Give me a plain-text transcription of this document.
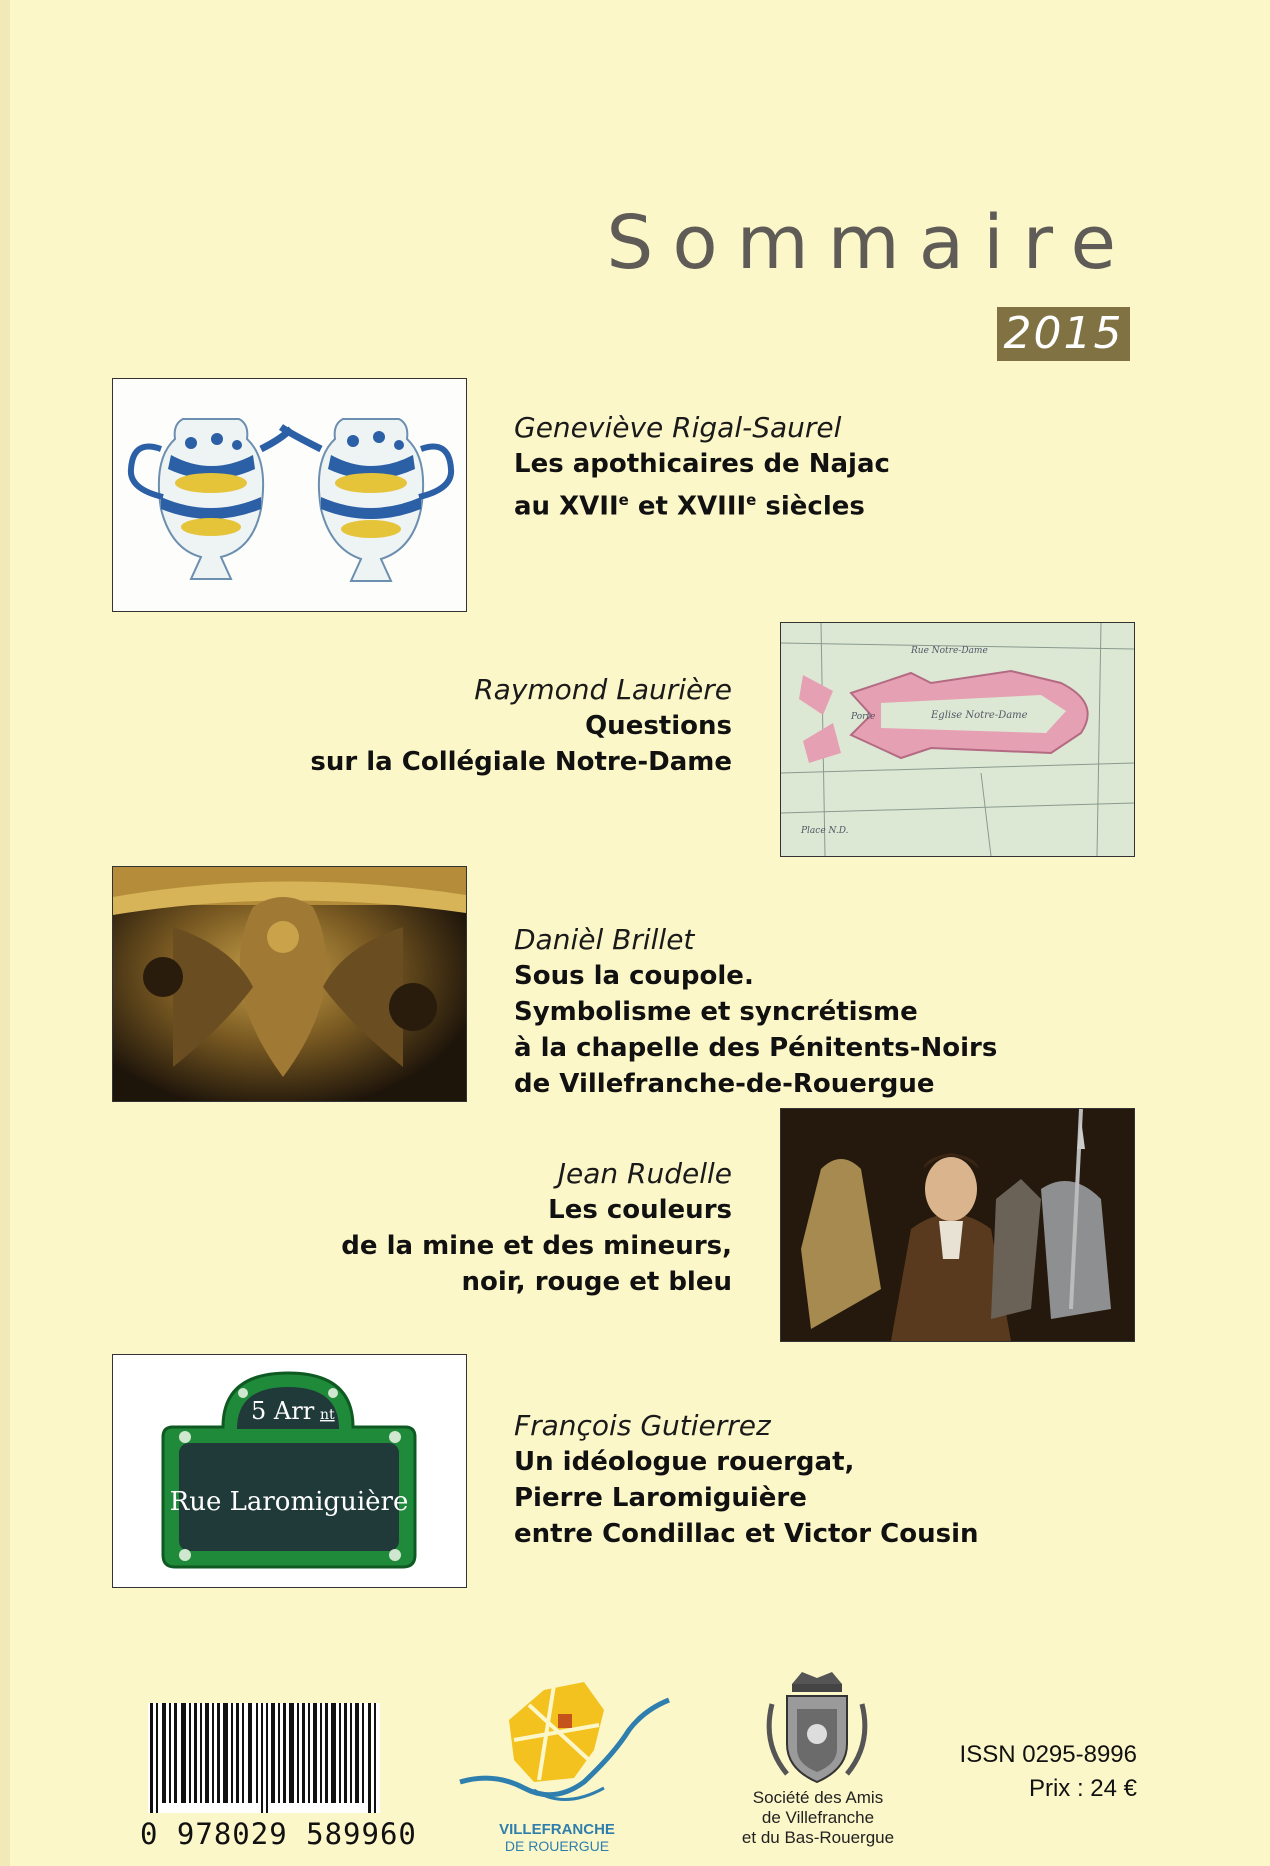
Sommaire
2015
Geneviève Rigal-Saurel
Les apothicaires de Najac
au XVIIe et XVIIIe siècles
Raymond Laurière
Questions
sur la Collégiale Notre-Dame
Rue Notre-Dame
Porte	Eglise Notre-Dame
Place N.D.
Danièl Brillet
Sous la coupole.
Symbolisme et syncrétisme
à la chapelle des Pénitents-Noirs
de Villefranche-de-Rouergue
Jean Rudelle
Les couleurs
de la mine et des mineurs,
noir, rouge et bleu
5 Arr nt
Rue Laromiguière
François Gutierrez
Un idéologue rouergat,
Pierre Laromiguière
entre Condillac et Victor Cousin
0 978029 589960	VILLEFRANCHE
DE ROUERGUE
Société des Amis
de Villefranche
et du Bas-Rouergue
ISSN 0295-8996
Prix : 24 €
